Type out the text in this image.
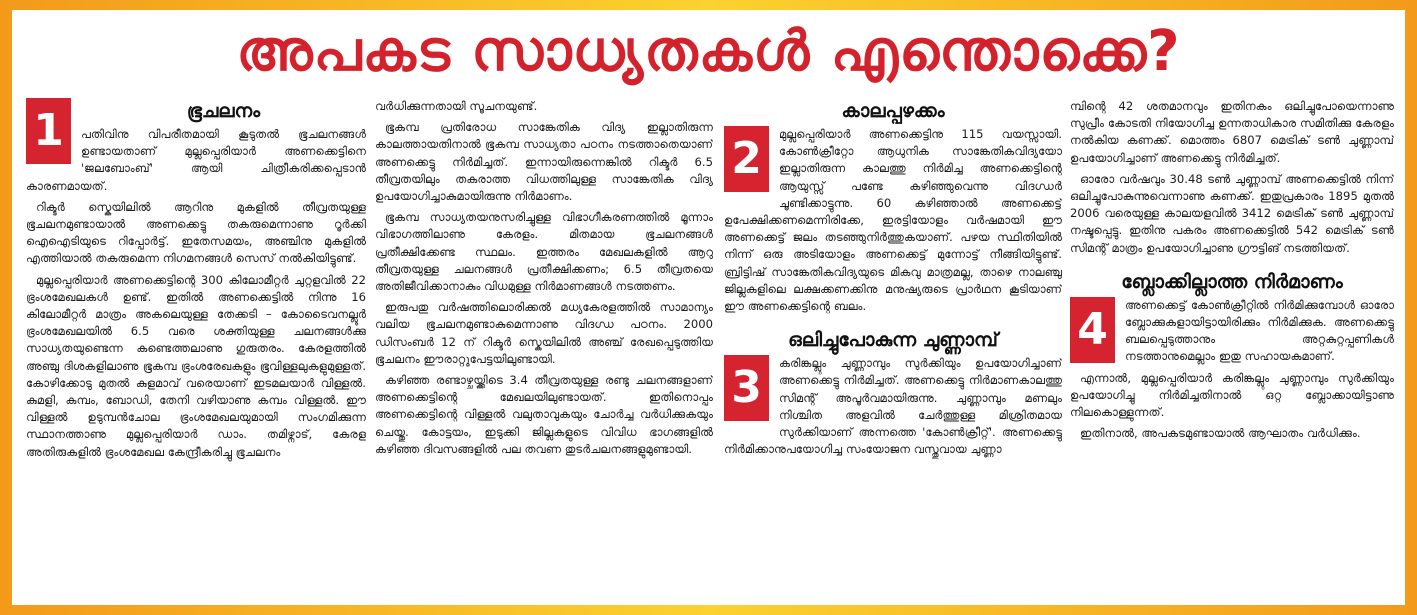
അപകട സാധ്യതകൾ എന്തൊക്കെ?
1	ഭൂചലനം

പതിവിനു വിപരീതമായി കൂടുതൽ ഭൂചലനങ്ങൾ ഉണ്ടായതാണ് മുല്ലപ്പെരിയാർ അണക്കെട്ടിനെ 'ജലബോംബ്' ആയി ചിത്രീകരിക്കപ്പെടാൻ കാരണമായത്.

റിക്ടർ സ്കെയിലിൽ ആറിനു മുകളിൽ തീവ്രതയുള്ള ഭൂചലനമുണ്ടായാൽ അണക്കെട്ടു തകരുമെന്നാണു റൂർക്കി ഐഐടിയുടെ റിപ്പോർട്ട്. ഇതേസമയം, അഞ്ചിനു മുകളിൽ എത്തിയാൽ തകരുമെന്ന നിഗമനങ്ങൾ സെസ് നൽകിയിട്ടുണ്ട്.

മുല്ലപ്പെരിയാർ അണക്കെട്ടിന്റെ 300 കിലോമീറ്റർ ചുറ്റളവിൽ 22 ഭ്രംശമേഖലകൾ ഉണ്ട്. ഇതിൽ അണക്കെട്ടിൽ നിന്നു 16 കിലോമീറ്റർ മാത്രം അകലെയുള്ള തേക്കടി – കോടൈവനല്ലൂർ ഭ്രംശമേഖലയിൽ 6.5 വരെ ശക്തിയുള്ള ചലനങ്ങൾക്കു സാധ്യതയുണ്ടെന്ന കണ്ടെത്തലാണു ഗുരുതരം. കേരളത്തിൽ അഞ്ചു ദിശകളിലാണു ഭൂകമ്പ ഭ്രംശരേഖകളും ഭൂവിള്ളലുകളുമുള്ളത്. കോഴിക്കോടു മുതൽ കുളമാവ് വരെയാണ് ഇടമലയാർ വിള്ളൽ. കുമളി, കമ്പം, ബോഡി, തേനി വഴിയാണു കമ്പം വിള്ളൽ. ഈ വിള്ളൽ ഉടുമ്പൻചോല ഭ്രംശമേഖലയുമായി സംഗമിക്കുന്ന സ്ഥാനത്താണു മുല്ലപ്പെരിയാർ ഡാം. തമിഴ്നാട്, കേരള അതിരുകളിൽ ഭ്രംശമേഖല കേന്ദ്രീകരിച്ചു ഭൂചലനം

വർധിക്കുന്നതായി സൂചനയുണ്ട്.

ഭൂകമ്പ പ്രതിരോധ സാങ്കേതിക വിദ്യ ഇല്ലാതിരുന്ന കാലത്തായതിനാൽ ഭൂകമ്പ സാധ്യതാ പഠനം നടത്താതെയാണ് അണക്കെട്ടു നിർമിച്ചത്. ഇന്നായിരുന്നെങ്കിൽ റിക്ടർ 6.5 തീവ്രതയിലും തകരാത്ത വിധത്തിലുള്ള സാങ്കേതിക വിദ്യ ഉപയോഗിച്ചാകുമായിരുന്നു നിർമാണം.

ഭൂകമ്പ സാധ്യതയനുസരിച്ചുള്ള വിഭാഗീകരണത്തിൽ മൂന്നാം വിഭാഗത്തിലാണു കേരളം. മിതമായ ഭൂചലനങ്ങൾ പ്രതീക്ഷിക്കേണ്ട സ്ഥലം. ഇത്തരം മേഖലകളിൽ ആറു തീവ്രതയുള്ള ചലനങ്ങൾ പ്രതീക്ഷിക്കണം; 6.5 തീവ്രതയെ അതിജീവിക്കാനാകും വിധമുള്ള നിർമാണങ്ങൾ നടത്തണം.

ഇരുപതു വർഷത്തിലൊരിക്കൽ മധ്യകേരളത്തിൽ സാമാന്യം വലിയ ഭൂചലനമുണ്ടാകുമെന്നാണു വിദഗ്ധ പഠനം. 2000 ഡിസംബർ 12 ന് റിക്ടർ സ്കെയിലിൽ അഞ്ച് രേഖപ്പെടുത്തിയ ഭൂചലനം ഈരാറ്റുപേട്ടയിലുണ്ടായി.

കഴിഞ്ഞ രണ്ടാഴ്ചയ്ക്കിടെ 3.4 തീവ്രതയുള്ള രണ്ടു ചലനങ്ങളാണ് അണക്കെട്ടിന്റെ മേഖലയിലുണ്ടായത്. ഇതിനൊപ്പം അണക്കെട്ടിന്റെ വിള്ളൽ വലുതാവുകയും ചോർച്ച വർധിക്കുകയും ചെയ്തു. കോട്ടയം, ഇടുക്കി ജില്ലകളുടെ വിവിധ ഭാഗങ്ങളിൽ കഴിഞ്ഞ ദിവസങ്ങളിൽ പല തവണ തുടർചലനങ്ങളുമുണ്ടായി.

കാലപ്പഴക്കം
2	മുല്ലപ്പെരിയാർ അണക്കെട്ടിനു 115 വയസ്സായി. കോൺക്രീറ്റോ ആധുനിക സാങ്കേതികവിദ്യയോ ഇല്ലാതിരുന്ന കാലത്തു നിർമിച്ച അണക്കെട്ടിന്റെ ആയുസ്സ് പണ്ടേ കഴിഞ്ഞുവെന്നു വിദഗ്ധർ ചൂണ്ടിക്കാട്ടുന്നു. 60 കഴിഞ്ഞാൽ അണക്കെട്ട് ഉപേക്ഷിക്കണമെന്നിരിക്കേ, ഇരട്ടിയോളം വർഷമായി ഈ അണക്കെട്ട് ജലം തടഞ്ഞുനിർത്തുകയാണ്. പഴയ സ്ഥിതിയിൽ നിന്ന് ഒരു അടിയോളം അണക്കെട്ട് മുന്നോട്ട് നീങ്ങിയിട്ടുണ്ട്. ബ്രിട്ടിഷ് സാങ്കേതികവിദ്യയുടെ മികവു മാത്രമല്ല, താഴെ നാലഞ്ചു ജില്ലകളിലെ ലക്ഷക്കണക്കിനു മനുഷ്യരുടെ പ്രാർഥന കൂടിയാണ് ഈ അണക്കെട്ടിന്റെ ബലം.

ഒലിച്ചുപോകുന്ന ചുണ്ണാമ്പ്
3	കരിങ്കല്ലും ചുണ്ണാമ്പും സുർക്കിയും ഉപയോഗിച്ചാണ് അണക്കെട്ടു നിർമിച്ചത്. അണക്കെട്ടു നിർമാണകാലത്തു സിമന്റ് അപൂർവമായിരുന്നു. ചുണ്ണാമ്പും മണലും നിശ്ചിത അളവിൽ ചേർത്തുള്ള മിശ്രിതമായ സുർക്കിയാണ് അന്നത്തെ 'കോൺക്രീറ്റ്'. അണക്കെട്ടു നിർമിക്കാനുപയോഗിച്ച സംയോജന വസ്തുവായ ചുണ്ണാ

മ്പിന്റെ 42 ശതമാനവും ഇതിനകം ഒലിച്ചുപോയെന്നാണു സുപ്രീം കോടതി നിയോഗിച്ച ഉന്നതാധികാര സമിതിക്കു കേരളം നൽകിയ കണക്ക്. മൊത്തം 6807 മെട്രിക് ടൺ ചുണ്ണാമ്പ് ഉപയോഗിച്ചാണ് അണക്കെട്ടു നിർമിച്ചത്.

ഓരോ വർഷവും 30.48 ടൺ ചുണ്ണാമ്പ് അണക്കെട്ടിൽ നിന്ന് ഒലിച്ചുപോകുന്നുവെന്നാണു കണക്ക്. ഇതുപ്രകാരം 1895 മുതൽ 2006 വരെയുള്ള കാലയളവിൽ 3412 മെട്രിക് ടൺ ചുണ്ണാമ്പ് നഷ്ടപ്പെട്ടു. ഇതിനു പകരം അണക്കെട്ടിൽ 542 മെട്രിക് ടൺ സിമന്റ് മാത്രം ഉപയോഗിച്ചാണു ഗ്രൗട്ടിങ് നടത്തിയത്.

ബ്ലോക്കില്ലാത്ത നിർമാണം
4	അണക്കെട്ട് കോൺക്രീറ്റിൽ നിർമിക്കുമ്പോൾ ഓരോ ബ്ലോക്കുകളായിട്ടായിരിക്കും നിർമിക്കുക. അണക്കെട്ടു ബലപ്പെടുത്താനും അറ്റകുറ്റപ്പണികൾ നടത്താനുമെല്ലാം ഇതു സഹായകമാണ്.

എന്നാൽ, മുല്ലപ്പെരിയാർ കരിങ്കല്ലും ചുണ്ണാമ്പും സുർക്കിയും ഉപയോഗിച്ചു നിർമിച്ചതിനാൽ ഒറ്റ ബ്ലോക്കായിട്ടാണു നിലകൊള്ളുന്നത്.

ഇതിനാൽ, അപകടമുണ്ടായാൽ ആഘാതം വർധിക്കും.
